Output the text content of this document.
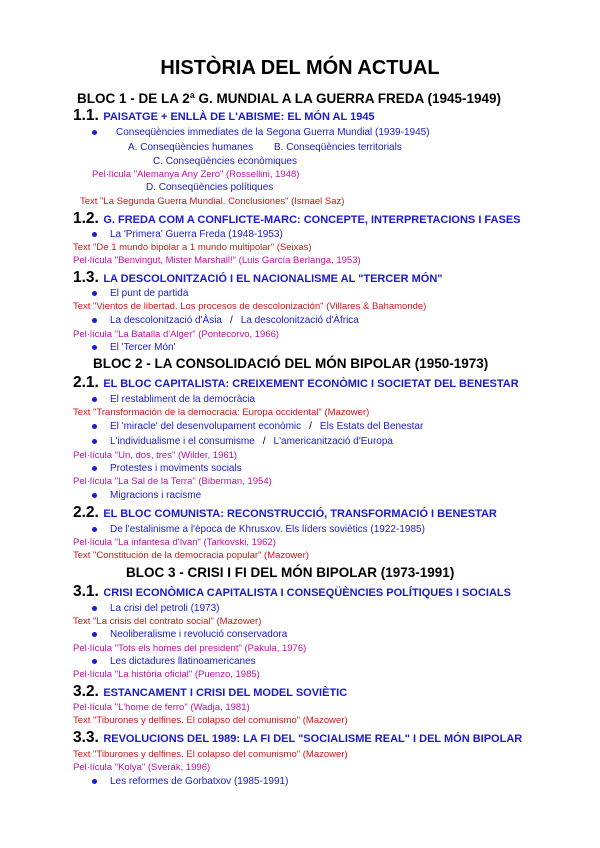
HISTÒRIA DEL MÓN ACTUAL
BLOC 1 - DE LA 2ª G. MUNDIAL A LA GUERRA FREDA (1945-1949)
1.1. PAISATGE + ENLLÀ DE L'ABISME: EL MÓN AL 1945
Conseqüències immediates de la Segona Guerra Mundial (1939-1945)
A. Conseqüències humanes B. Conseqüències territorials
C. Conseqüències econòmiques
Pel·lícula "Alemanya Any Zero" (Rossellini, 1948)
D. Conseqüències polítiques
Text "La Segunda Guerra Mundial. Conclusiones" (Ismael Saz)
1.2. G. FREDA COM A CONFLICTE-MARC: CONCEPTE, INTERPRETACIONS I FASES
La 'Primera' Guerra Freda (1948-1953)
Text "De 1 mundo bipolar a 1 mundo multipolar" (Seixas)
Pel·lícula "Benvingut, Mister Marshall!" (Luis García Berlanga, 1953)
1.3. LA DESCOLONITZACIÓ I EL NACIONALISME AL "TERCER MÓN"
El punt de partida
Text "Vientos de libertad. Los procesos de descolonización" (Villares & Bahamonde)
La descolonització d'Àsia / La descolonització d'Àfrica
Pel·lícula "La Batalla d'Alger" (Pontecorvo, 1966)
El 'Tercer Món'
BLOC 2 - LA CONSOLIDACIÓ DEL MÓN BIPOLAR (1950-1973)
2.1. EL BLOC CAPITALISTA: CREIXEMENT ECONÒMIC I SOCIETAT DEL BENESTAR
El restabliment de la democràcia
Text "Transformación de la democracia: Europa occidental" (Mazower)
El 'miracle' del desenvolupament econòmic / Els Estats del Benestar
L'individualisme i el consumisme / L'americanització d'Europa
Pel·lícula "Un, dos, tres" (Wilder, 1961)
Protestes i moviments socials
Pel·lícula "La Sal de la Terra" (Biberman, 1954)
Migracions i racisme
2.2. EL BLOC COMUNISTA: RECONSTRUCCIÓ, TRANSFORMACIÓ I BENESTAR
De l'estalinisme a l'època de Khrusxov. Els líders soviètics (1922-1985)
Pel·lícula "La infantesa d'Ivan" (Tarkovski, 1962)
Text "Constitución de la democracia popular" (Mazower)
BLOC 3 - CRISI I FI DEL MÓN BIPOLAR (1973-1991)
3.1. CRISI ECONÒMICA CAPITALISTA I CONSEQÜÈNCIES POLÍTIQUES I SOCIALS
La crisi del petroli (1973)
Text "La crisis del contrato social" (Mazower)
Neoliberalisme i revolució conservadora
Pel·lícula "Tots els homes del president" (Pakula, 1976)
Les dictadures llatinoamericanes
Pel·lícula "La història oficial" (Puenzo, 1985)
3.2. ESTANCAMENT I CRISI DEL MODEL SOVIÈTIC
Pel·lícula "L'home de ferro" (Wadja, 1981)
Text "Tiburones y delfines. El colapso del comunismo" (Mazower)
3.3. REVOLUCIONS DEL 1989: LA FI DEL "SOCIALISME REAL" I DEL MÓN BIPOLAR
Text "Tiburones y delfines. El colapso del comunismo" (Mazower)
Pel·lícula "Kolya" (Sverák, 1996)
Les reformes de Gorbatxov (1985-1991)
